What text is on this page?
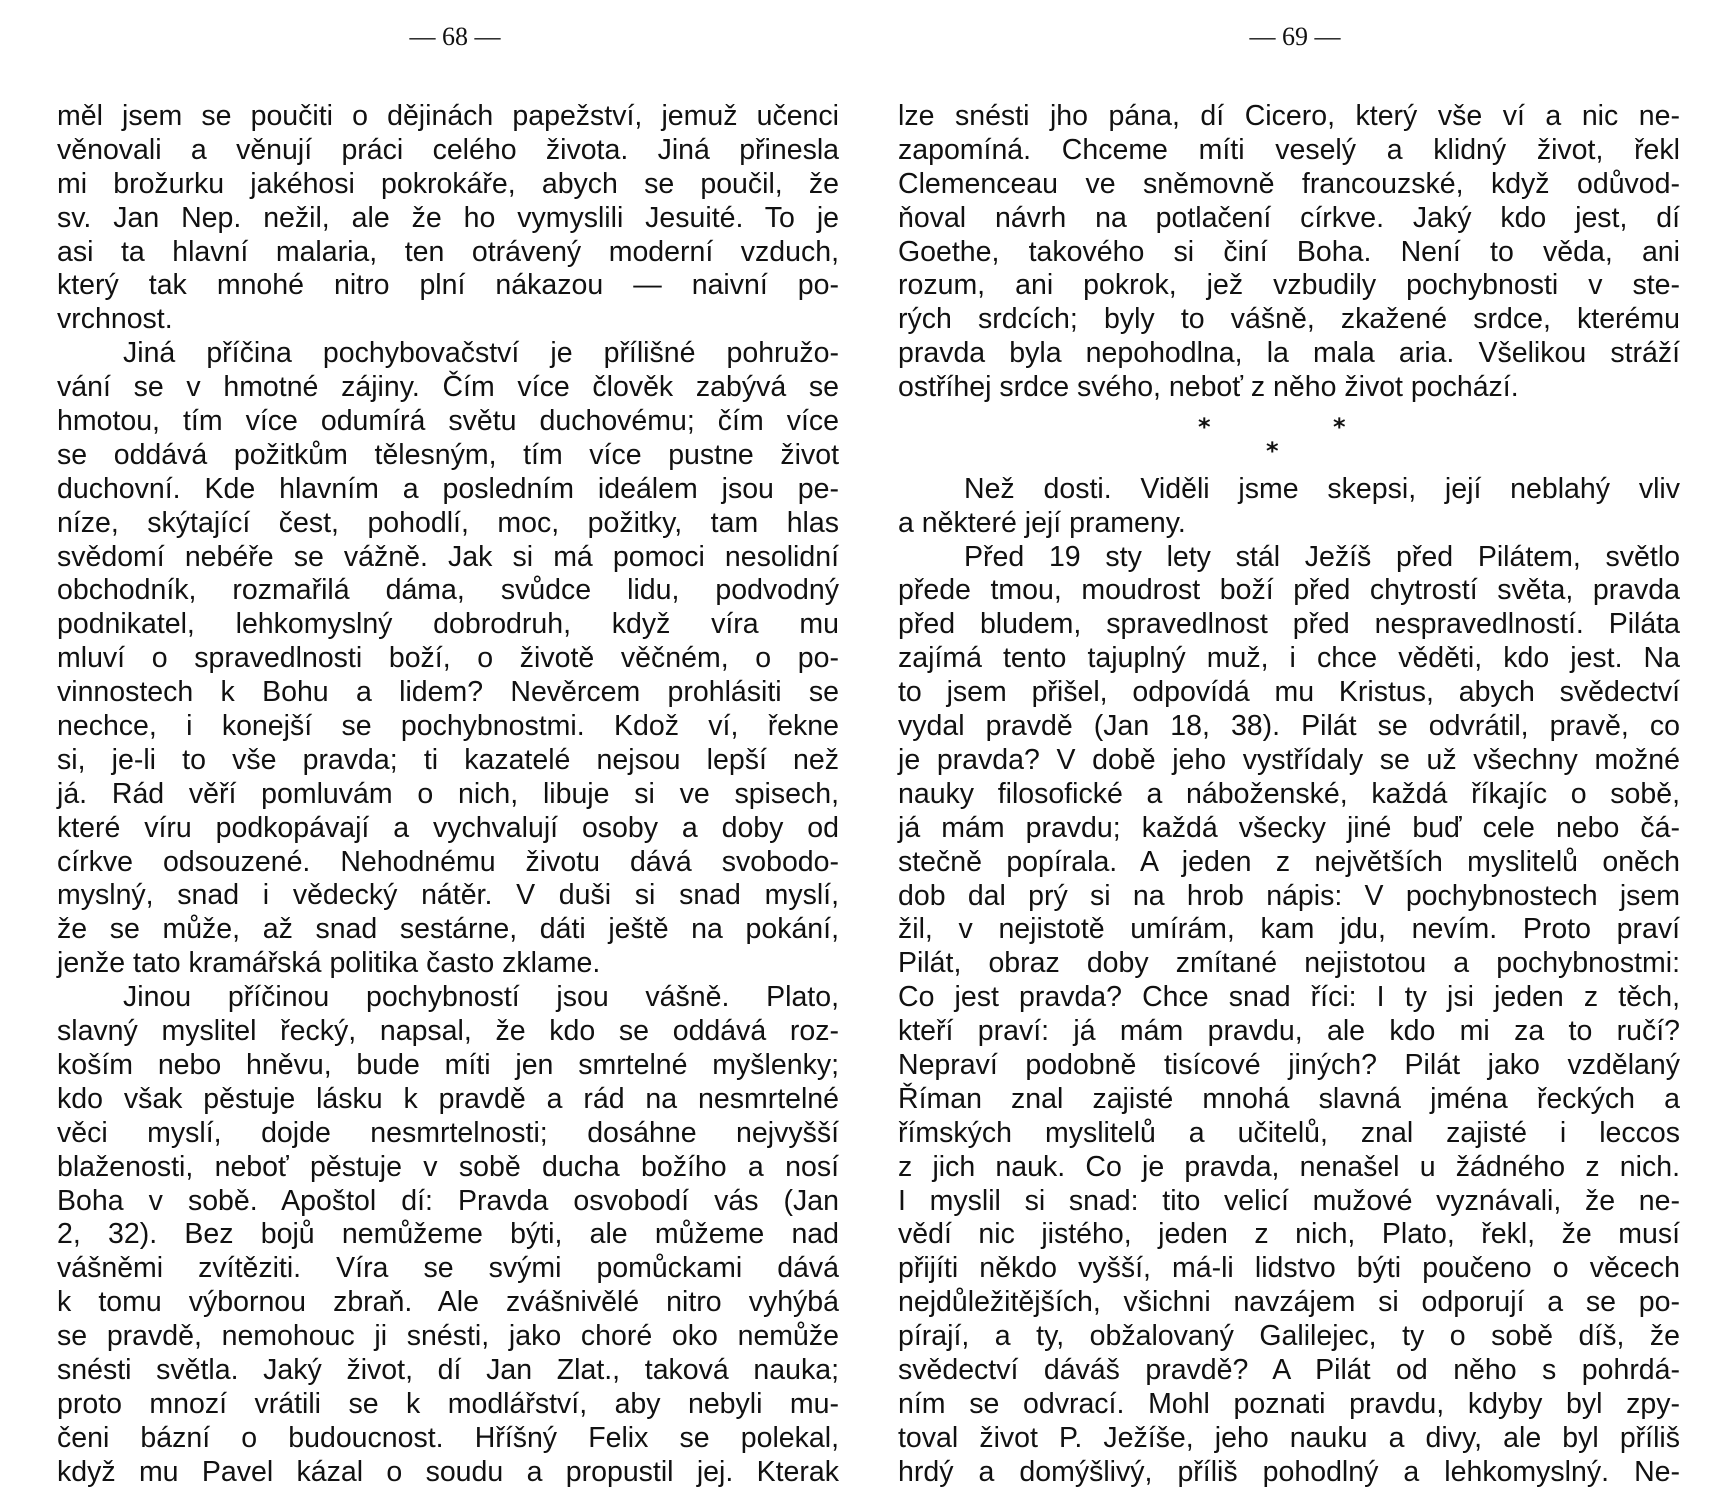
— 68 —	— 69 —
měl jsem se poučiti o dějinách papežství, jemuž učenci
věnovali a věnují práci celého života. Jiná přinesla
mi brožurku jakéhosi pokrokáře, abych se poučil, že
sv. Jan Nep. nežil, ale že ho vymyslili Jesuité. To je
asi ta hlavní malaria, ten otrávený moderní vzduch,
který tak mnohé nitro plní nákazou — naivní po-
vrchnost.
Jiná příčina pochybovačství je přílišné pohružo-
vání se v hmotné zájiny. Čím více člověk zabývá se
hmotou, tím více odumírá světu duchovému; čím více
se oddává požitkům tělesným, tím více pustne život
duchovní. Kde hlavním a posledním ideálem jsou pe-
níze, skýtající čest, pohodlí, moc, požitky, tam hlas
svědomí nebéře se vážně. Jak si má pomoci nesolidní
obchodník, rozmařilá dáma, svůdce lidu, podvodný
podnikatel, lehkomyslný dobrodruh, když víra mu
mluví o spravedlnosti boží, o životě věčném, o po-
vinnostech k Bohu a lidem? Nevěrcem prohlásiti se
nechce, i konejší se pochybnostmi. Kdož ví, řekne
si, je-li to vše pravda; ti kazatelé nejsou lepší než
já. Rád věří pomluvám o nich, libuje si ve spisech,
které víru podkopávají a vychvalují osoby a doby od
církve odsouzené. Nehodnému životu dává svobodo-
myslný, snad i vědecký nátěr. V duši si snad myslí,
že se může, až snad sestárne, dáti ještě na pokání,
jenže tato kramářská politika často zklame.
Jinou příčinou pochybností jsou vášně. Plato,
slavný myslitel řecký, napsal, že kdo se oddává roz-
koším nebo hněvu, bude míti jen smrtelné myšlenky;
kdo však pěstuje lásku k pravdě a rád na nesmrtelné
věci myslí, dojde nesmrtelnosti; dosáhne nejvyšší
blaženosti, neboť pěstuje v sobě ducha božího a nosí
Boha v sobě. Apoštol dí: Pravda osvobodí vás (Jan
2, 32). Bez bojů nemůžeme býti, ale můžeme nad
vášněmi zvítěziti. Víra se svými pomůckami dává
k tomu výbornou zbraň. Ale zvášnivělé nitro vyhýbá
se pravdě, nemohouc ji snésti, jako choré oko nemůže
snésti světla. Jaký život, dí Jan Zlat., taková nauka;
proto mnozí vrátili se k modlářství, aby nebyli mu-
čeni bázní o budoucnost. Hříšný Felix se polekal,
když mu Pavel kázal o soudu a propustil jej. Kterak
lze snésti jho pána, dí Cicero, který vše ví a nic ne-
zapomíná. Chceme míti veselý a klidný život, řekl
Clemenceau ve sněmovně francouzské, když odůvod-
ňoval návrh na potlačení církve. Jaký kdo jest, dí
Goethe, takového si činí Boha. Není to věda, ani
rozum, ani pokrok, jež vzbudily pochybnosti v ste-
rých srdcích; byly to vášně, zkažené srdce, kterému
pravda byla nepohodlna, la mala aria. Všelikou stráží
ostříhej srdce svého, neboť z něho život pochází.
*
*
*
Než dosti. Viděli jsme skepsi, její neblahý vliv
a některé její prameny.
Před 19 sty lety stál Ježíš před Pilátem, světlo
přede tmou, moudrost boží před chytrostí světa, pravda
před bludem, spravedlnost před nespravedlností. Piláta
zajímá tento tajuplný muž, i chce věděti, kdo jest. Na
to jsem přišel, odpovídá mu Kristus, abych svědectví
vydal pravdě (Jan 18, 38). Pilát se odvrátil, pravě, co
je pravda? V době jeho vystřídaly se už všechny možné
nauky filosofické a náboženské, každá říkajíc o sobě,
já mám pravdu; každá všecky jiné buď cele nebo čá-
stečně popírala. A jeden z největších myslitelů oněch
dob dal prý si na hrob nápis: V pochybnostech jsem
žil, v nejistotě umírám, kam jdu, nevím. Proto praví
Pilát, obraz doby zmítané nejistotou a pochybnostmi:
Co jest pravda? Chce snad říci: I ty jsi jeden z těch,
kteří praví: já mám pravdu, ale kdo mi za to ručí?
Nepraví podobně tisícové jiných? Pilát jako vzdělaný
Říman znal zajisté mnohá slavná jména řeckých a
římských myslitelů a učitelů, znal zajisté i leccos
z jich nauk. Co je pravda, nenašel u žádného z nich.
I myslil si snad: tito velicí mužové vyznávali, že ne-
vědí nic jistého, jeden z nich, Plato, řekl, že musí
přijíti někdo vyšší, má-li lidstvo býti poučeno o věcech
nejdůležitějších, všichni navzájem si odporují a se po-
pírají, a ty, obžalovaný Galilejec, ty o sobě díš, že
svědectví dáváš pravdě? A Pilát od něho s pohrdá-
ním se odvrací. Mohl poznati pravdu, kdyby byl zpy-
toval život P. Ježíše, jeho nauku a divy, ale byl příliš
hrdý a domýšlivý, příliš pohodlný a lehkomyslný. Ne-
